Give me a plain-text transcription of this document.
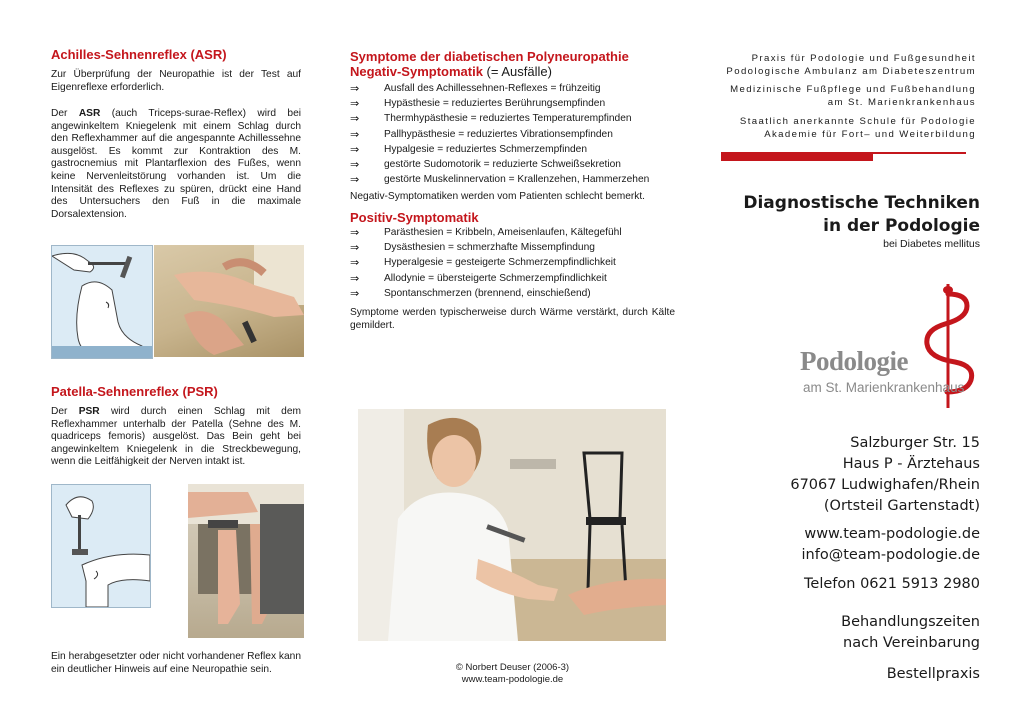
Achilles-Sehnenreflex (ASR)
Zur Überprüfung der Neuropathie ist der Test auf Eigenreflexe erforderlich.
Der ASR (auch Triceps-surae-Reflex) wird bei angewinkeltem Kniegelenk mit einem Schlag durch den Reflexhammer auf die angespannte Achillessehne ausgelöst. Es kommt zur Kontraktion des M. gastrocnemius mit Plantarflexion des Fußes, wenn keine Nervenleitstörung vorhanden ist. Um die Intensität des Reflexes zu spüren, drückt eine Hand des Untersuchers den Fuß in die maximale Dorsalextension.
Patella-Sehnenreflex (PSR)
Der PSR wird durch einen Schlag mit dem Reflexhammer unterhalb der Patella (Sehne des M. quadriceps femoris) ausgelöst. Das Bein geht bei angewinkeltem Kniegelenk in die Streckbewegung, wenn die Leitfähigkeit der Nerven intakt ist.
Ein herabgesetzter oder nicht vorhandener Reflex kann ein deutlicher Hinweis auf eine Neuropathie sein.
Symptome der diabetischen Polyneuropathie
Negativ-Symptomatik (= Ausfälle)
⇒ Ausfall des Achillessehnen-Reflexes = frühzeitig
⇒ Hypästhesie = reduziertes Berührungsempfinden
⇒ Thermhypästhesie = reduziertes Temperaturempfinden
⇒ Pallhypästhesie = reduziertes Vibrationsempfinden
⇒ Hypalgesie = reduziertes Schmerzempfinden
⇒ gestörte Sudomotorik = reduzierte Schweißsekretion
⇒ gestörte Muskelinnervation = Krallenzehen, Hammerzehen
Negativ-Symptomatiken werden vom Patienten schlecht bemerkt.
Positiv-Symptomatik
⇒ Parästhesien = Kribbeln, Ameisenlaufen, Kältegefühl
⇒ Dysästhesien = schmerzhafte Missempfindung
⇒ Hyperalgesie = gesteigerte Schmerzempfindlichkeit
⇒ Allodynie = übersteigerte Schmerzempfindlichkeit
⇒ Spontanschmerzen (brennend, einschießend)
Symptome werden typischerweise durch Wärme verstärkt, durch Kälte gemildert.
© Norbert Deuser (2006-3)
www.team-podologie.de
Praxis für Podologie und Fußgesundheit
Podologische Ambulanz am Diabeteszentrum
Medizinische Fußpflege und Fußbehandlung
am St. Marienkrankenhaus
Staatlich anerkannte Schule für Podologie
Akademie für Fort– und Weiterbildung
Diagnostische Techniken
in der Podologie
bei Diabetes mellitus
Podologie
am St. Marienkrankenhaus
Salzburger Str. 15
Haus P - Ärztehaus
67067 Ludwighafen/Rhein
(Ortsteil Gartenstadt)
www.team-podologie.de
info@team-podologie.de
Telefon 0621 5913 2980
Behandlungszeiten
nach Vereinbarung
Bestellpraxis
